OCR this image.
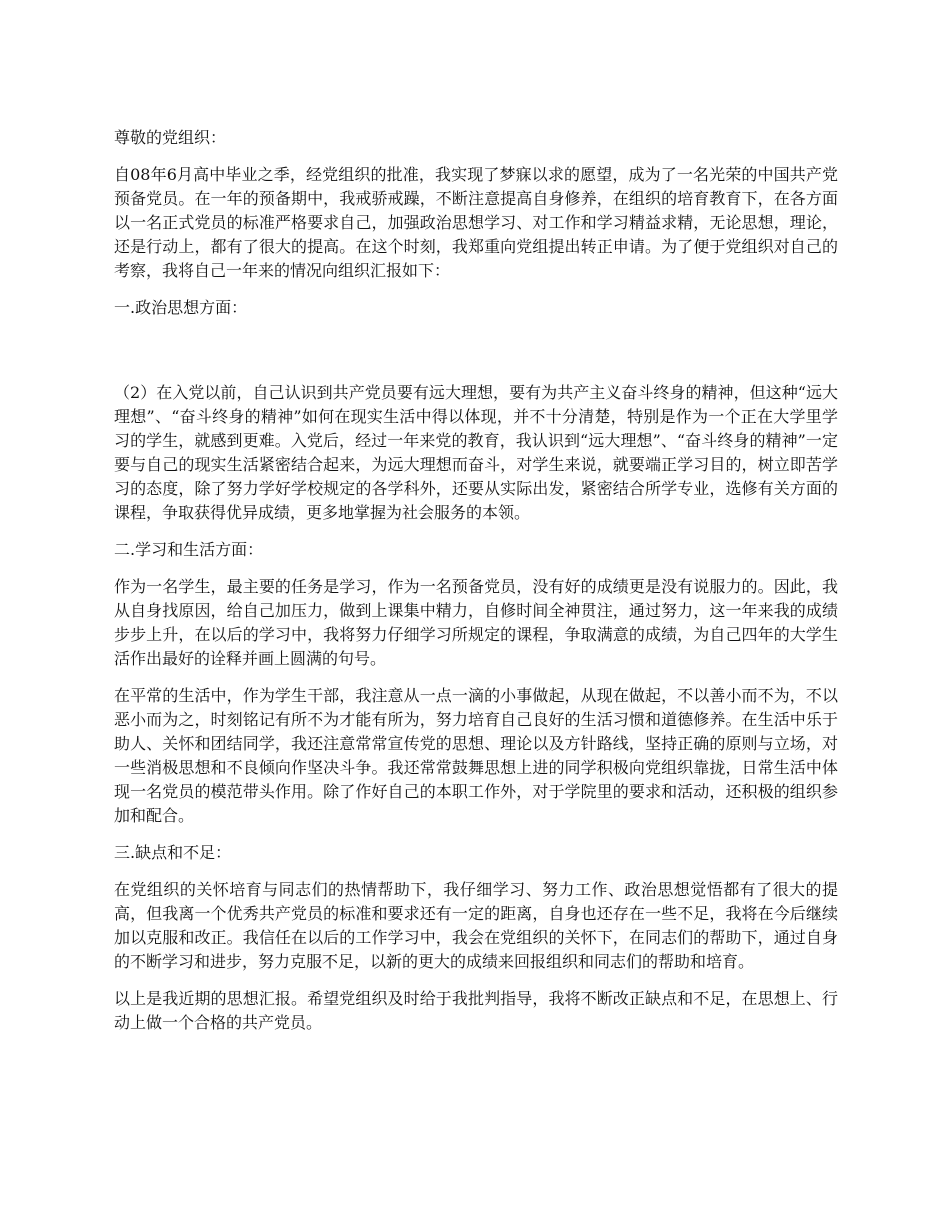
尊敬的党组织：

自08年6月高中毕业之季，经党组织的批准，我实现了梦寐以求的愿望，成为了一名光荣的中国共产党预备党员。在一年的预备期中，我戒骄戒躁，不断注意提高自身修养，在组织的培育教育下，在各方面以一名正式党员的标准严格要求自己，加强政治思想学习、对工作和学习精益求精，无论思想，理论，还是行动上，都有了很大的提高。在这个时刻，我郑重向党组提出转正申请。为了便于党组织对自己的考察，我将自己一年来的情况向组织汇报如下：

一.政治思想方面：

（2）在入党以前，自己认识到共产党员要有远大理想，要有为共产主义奋斗终身的精神，但这种“远大理想”、“奋斗终身的精神”如何在现实生活中得以体现，并不十分清楚，特别是作为一个正在大学里学习的学生，就感到更难。入党后，经过一年来党的教育，我认识到“远大理想”、“奋斗终身的精神”一定要与自己的现实生活紧密结合起来，为远大理想而奋斗，对学生来说，就要端正学习目的，树立即苦学习的态度，除了努力学好学校规定的各学科外，还要从实际出发，紧密结合所学专业，选修有关方面的课程，争取获得优异成绩，更多地掌握为社会服务的本领。

二.学习和生活方面：

作为一名学生，最主要的任务是学习，作为一名预备党员，没有好的成绩更是没有说服力的。因此，我从自身找原因，给自己加压力，做到上课集中精力，自修时间全神贯注，通过努力，这一年来我的成绩步步上升，在以后的学习中，我将努力仔细学习所规定的课程，争取满意的成绩，为自己四年的大学生活作出最好的诠释并画上圆满的句号。

在平常的生活中，作为学生干部，我注意从一点一滴的小事做起，从现在做起，不以善小而不为，不以恶小而为之，时刻铭记有所不为才能有所为，努力培育自己良好的生活习惯和道德修养。在生活中乐于助人、关怀和团结同学，我还注意常常宣传党的思想、理论以及方针路线，坚持正确的原则与立场，对一些消极思想和不良倾向作坚决斗争。我还常常鼓舞思想上进的同学积极向党组织靠拢，日常生活中体现一名党员的模范带头作用。除了作好自己的本职工作外，对于学院里的要求和活动，还积极的组织参加和配合。

三.缺点和不足：

在党组织的关怀培育与同志们的热情帮助下，我仔细学习、努力工作、政治思想觉悟都有了很大的提高，但我离一个优秀共产党员的标准和要求还有一定的距离，自身也还存在一些不足，我将在今后继续加以克服和改正。我信任在以后的工作学习中，我会在党组织的关怀下，在同志们的帮助下，通过自身的不断学习和进步，努力克服不足，以新的更大的成绩来回报组织和同志们的帮助和培育。

以上是我近期的思想汇报。希望党组织及时给于我批判指导，我将不断改正缺点和不足，在思想上、行动上做一个合格的共产党员。
